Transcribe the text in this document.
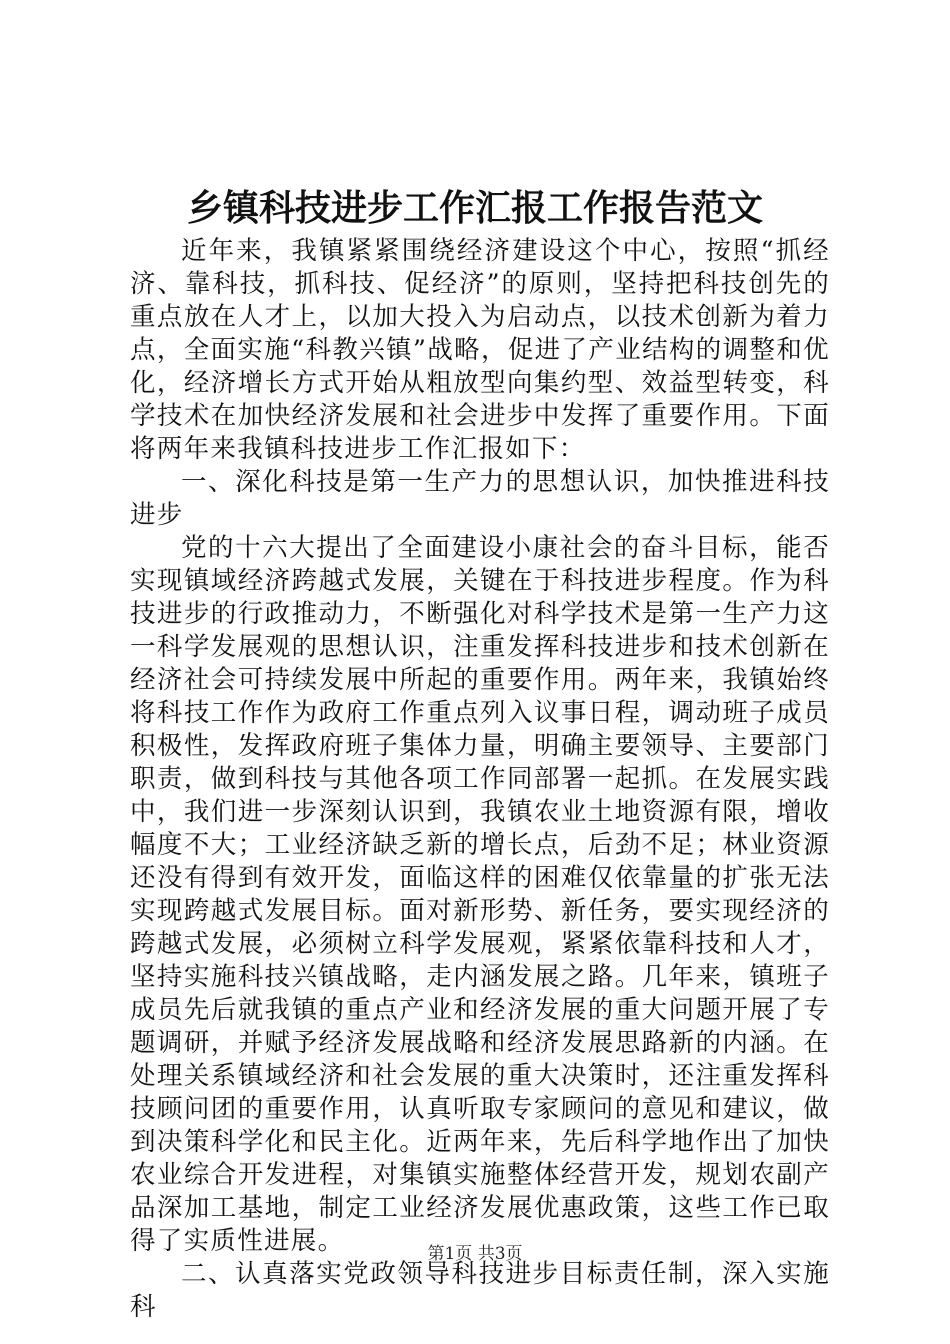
乡镇科技进步工作汇报工作报告范文

近年来，我镇紧紧围绕经济建设这个中心，按照“抓经济、靠科技，抓科技、促经济”的原则，坚持把科技创先的重点放在人才上，以加大投入为启动点，以技术创新为着力点，全面实施“科教兴镇”战略，促进了产业结构的调整和优化，经济增长方式开始从粗放型向集约型、效益型转变，科学技术在加快经济发展和社会进步中发挥了重要作用。下面将两年来我镇科技进步工作汇报如下：

一、深化科技是第一生产力的思想认识，加快推进科技进步

党的十六大提出了全面建设小康社会的奋斗目标，能否实现镇域经济跨越式发展，关键在于科技进步程度。作为科技进步的行政推动力，不断强化对科学技术是第一生产力这一科学发展观的思想认识，注重发挥科技进步和技术创新在经济社会可持续发展中所起的重要作用。两年来，我镇始终将科技工作作为政府工作重点列入议事日程，调动班子成员积极性，发挥政府班子集体力量，明确主要领导、主要部门职责，做到科技与其他各项工作同部署一起抓。在发展实践中，我们进一步深刻认识到，我镇农业土地资源有限，增收幅度不大；工业经济缺乏新的增长点，后劲不足；林业资源还没有得到有效开发，面临这样的困难仅依靠量的扩张无法实现跨越式发展目标。面对新形势、新任务，要实现经济的跨越式发展，必须树立科学发展观，紧紧依靠科技和人才，坚持实施科技兴镇战略，走内涵发展之路。几年来，镇班子成员先后就我镇的重点产业和经济发展的重大问题开展了专题调研，并赋予经济发展战略和经济发展思路新的内涵。在处理关系镇域经济和社会发展的重大决策时，还注重发挥科技顾问团的重要作用，认真听取专家顾问的意见和建议，做到决策科学化和民主化。近两年来，先后科学地作出了加快农业综合开发进程，对集镇实施整体经营开发，规划农副产品深加工基地，制定工业经济发展优惠政策，这些工作已取得了实质性进展。

二、认真落实党政领导科技进步目标责任制，深入实施科

第1页 共3页
